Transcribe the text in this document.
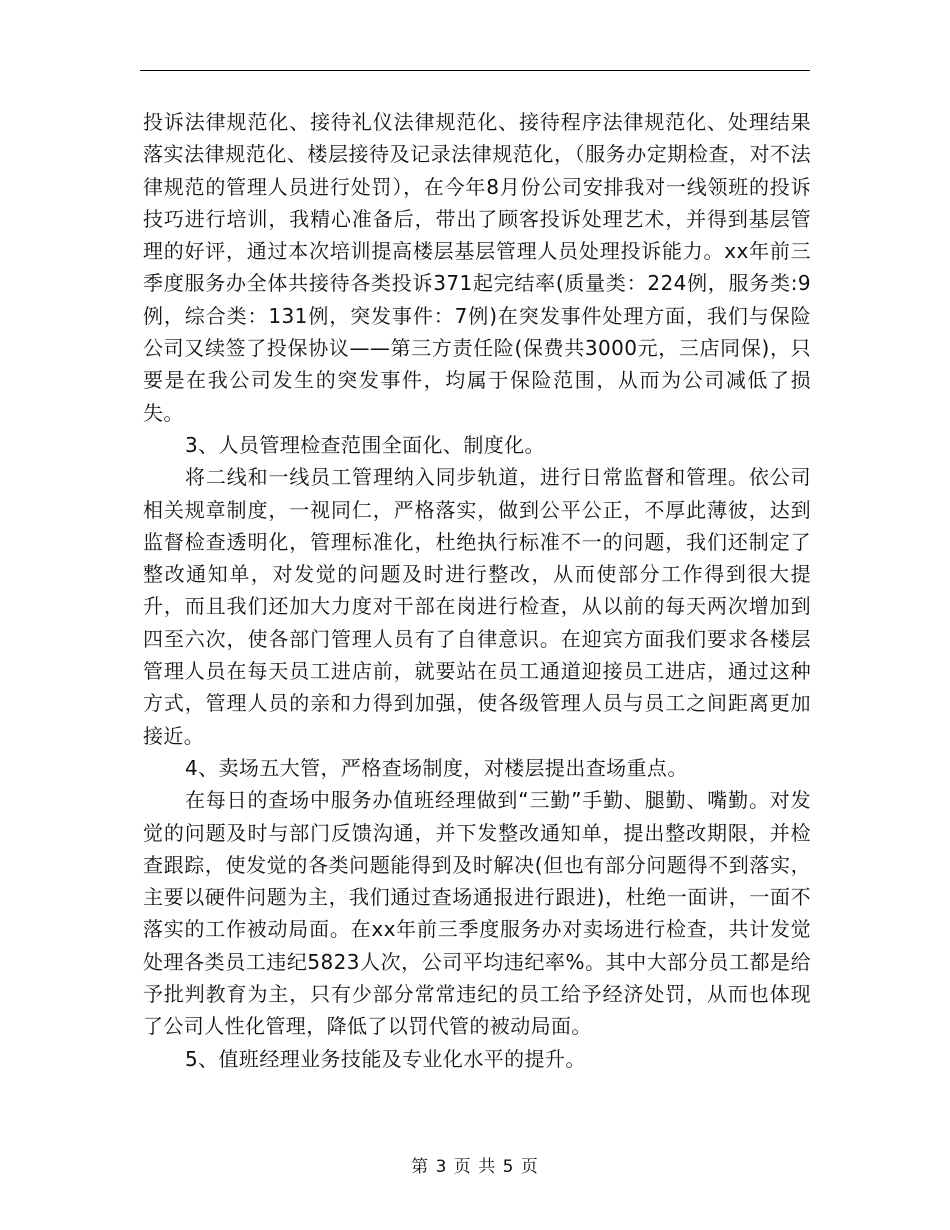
投诉法律规范化、接待礼仪法律规范化、接待程序法律规范化、处理结果落实法律规范化、楼层接待及记录法律规范化，（服务办定期检查，对不法律规范的管理人员进行处罚），在今年8月份公司安排我对一线领班的投诉技巧进行培训，我精心准备后，带出了顾客投诉处理艺术，并得到基层管理的好评，通过本次培训提高楼层基层管理人员处理投诉能力。xx年前三季度服务办全体共接待各类投诉371起完结率(质量类：224例，服务类:9例，综合类：131例，突发事件：7例)在突发事件处理方面，我们与保险公司又续签了投保协议——第三方责任险(保费共3000元，三店同保)，只要是在我公司发生的突发事件，均属于保险范围，从而为公司减低了损失。

3、人员管理检查范围全面化、制度化。

将二线和一线员工管理纳入同步轨道，进行日常监督和管理。依公司相关规章制度，一视同仁，严格落实，做到公平公正，不厚此薄彼，达到监督检查透明化，管理标准化，杜绝执行标准不一的问题，我们还制定了整改通知单，对发觉的问题及时进行整改，从而使部分工作得到很大提升，而且我们还加大力度对干部在岗进行检查，从以前的每天两次增加到四至六次，使各部门管理人员有了自律意识。在迎宾方面我们要求各楼层管理人员在每天员工进店前，就要站在员工通道迎接员工进店，通过这种方式，管理人员的亲和力得到加强，使各级管理人员与员工之间距离更加接近。

4、卖场五大管，严格查场制度，对楼层提出查场重点。

在每日的查场中服务办值班经理做到“三勤”手勤、腿勤、嘴勤。对发觉的问题及时与部门反馈沟通，并下发整改通知单，提出整改期限，并检查跟踪，使发觉的各类问题能得到及时解决(但也有部分问题得不到落实，主要以硬件问题为主，我们通过查场通报进行跟进)，杜绝一面讲，一面不落实的工作被动局面。在xx年前三季度服务办对卖场进行检查，共计发觉处理各类员工违纪5823人次，公司平均违纪率%。其中大部分员工都是给予批判教育为主，只有少部分常常违纪的员工给予经济处罚，从而也体现了公司人性化管理，降低了以罚代管的被动局面。

5、值班经理业务技能及专业化水平的提升。

第 3 页 共 5 页
